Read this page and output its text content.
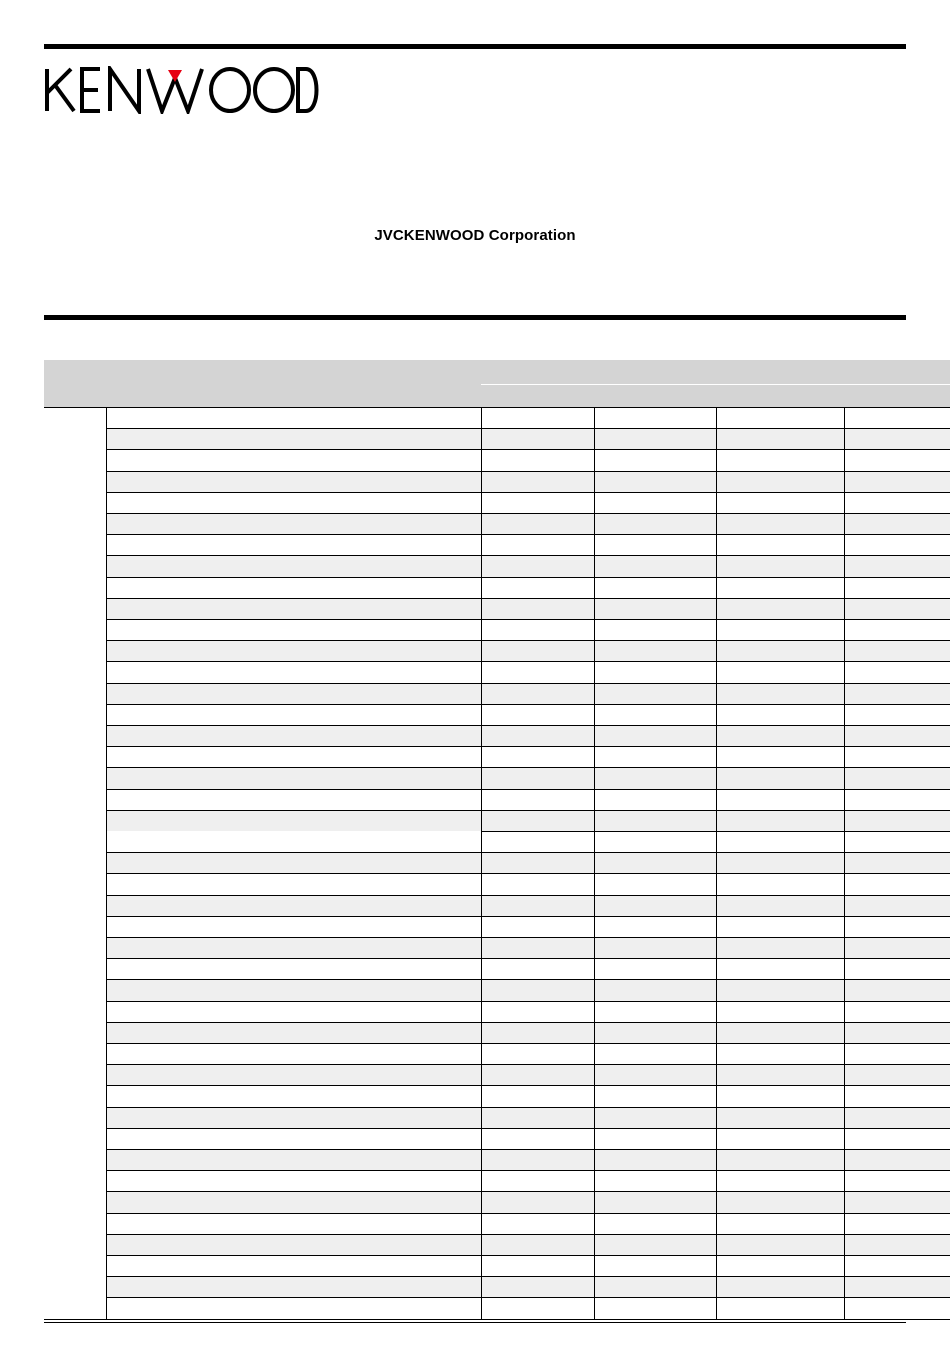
JVCKENWOOD Corporation
